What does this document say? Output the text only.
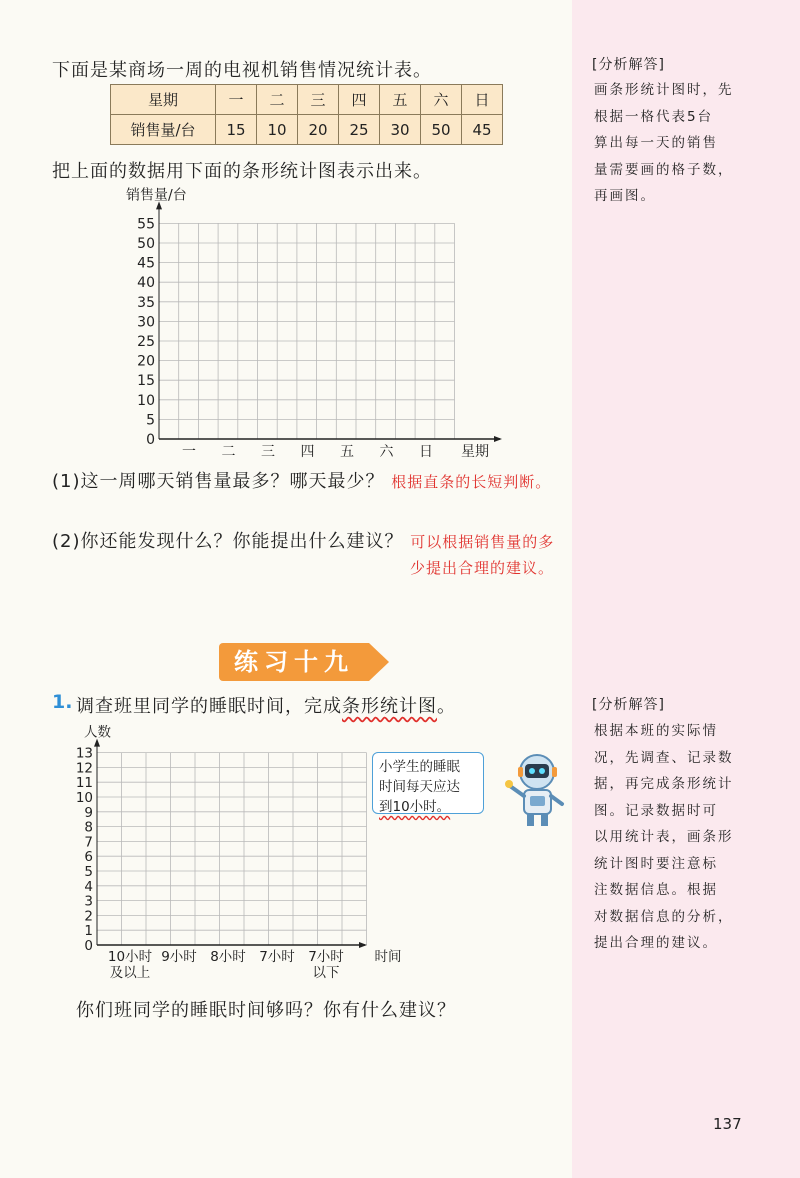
下面是某商场一周的电视机销售情况统计表。
星期	一	二	三	四	五	六	日
销售量/台	15	10	20	25	30	50	45
把上面的数据用下面的条形统计图表示出来。
0
5
10
15
20
25
30
35
40
45
50
55
销售量/台
一 二 三 四 五 六 日 星期
0
1
2
3
4
5
6
7
8
9
10
11
12
13
人数
10小时
及以上
9小时 8小时 7小时 7小时
以下
时间
(1)这一周哪天销售量最多？哪天最少？ 根据直条的长短判断。
(2)你还能发现什么？你能提出什么建议？ 可以根据销售量的多
少提出合理的建议。
[分析解答]
画条形统计图时，先
根据一格代表5台
算出每一天的销售
量需要画的格子数，
再画图。
练习十九
1. 调查班里同学的睡眠时间，完成条形统计图。
小学生的睡眠
时间每天应达
到10小时。
你们班同学的睡眠时间够吗？你有什么建议？
[分析解答]
根据本班的实际情
况，先调查、记录数
据，再完成条形统计
图。记录数据时可
以用统计表，画条形
统计图时要注意标
注数据信息。根据
对数据信息的分析，
提出合理的建议。
137
